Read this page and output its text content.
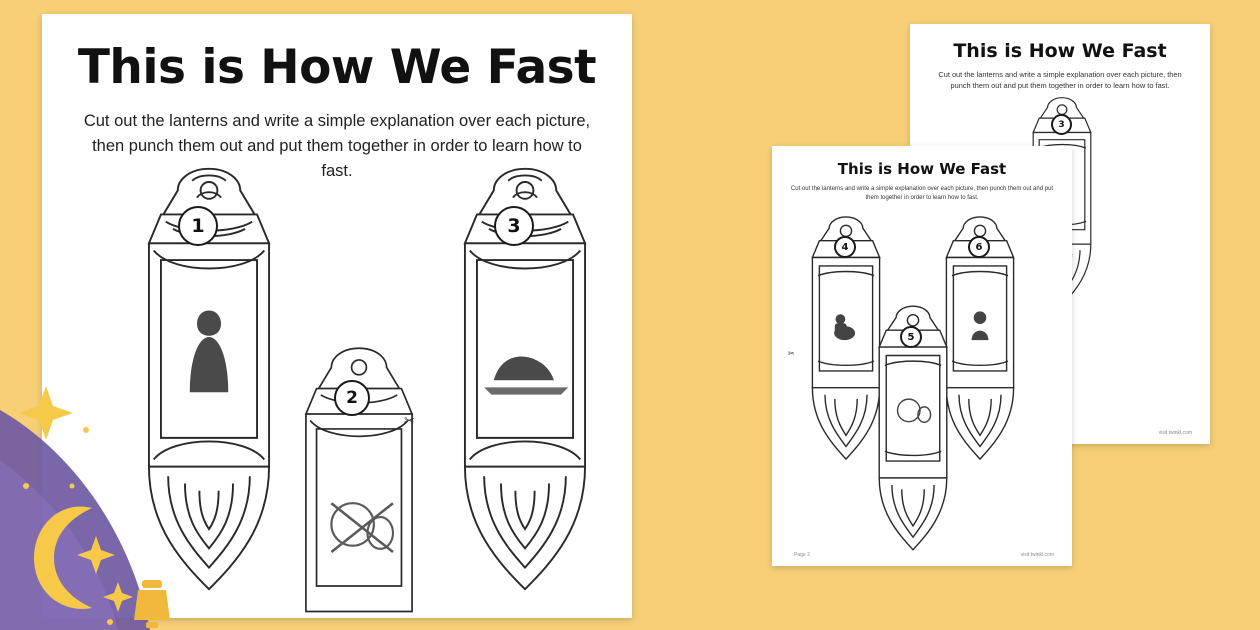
This is How We Fast
Cut out the lanterns and write a simple explanation over each picture, then punch them out and put them together in order to learn how to fast.
3
visit twinkl.com
This is How We Fast
Cut out the lanterns and write a simple explanation over each picture, then punch them out and put them together in order to learn how to fast.
4
✂
6
5
Page 2	visit twinkl.com
This is How We Fast

Cut out the lanterns and write a simple explanation over each picture, then punch them out and put them together in order to learn how to fast.

1
2
3
✂
